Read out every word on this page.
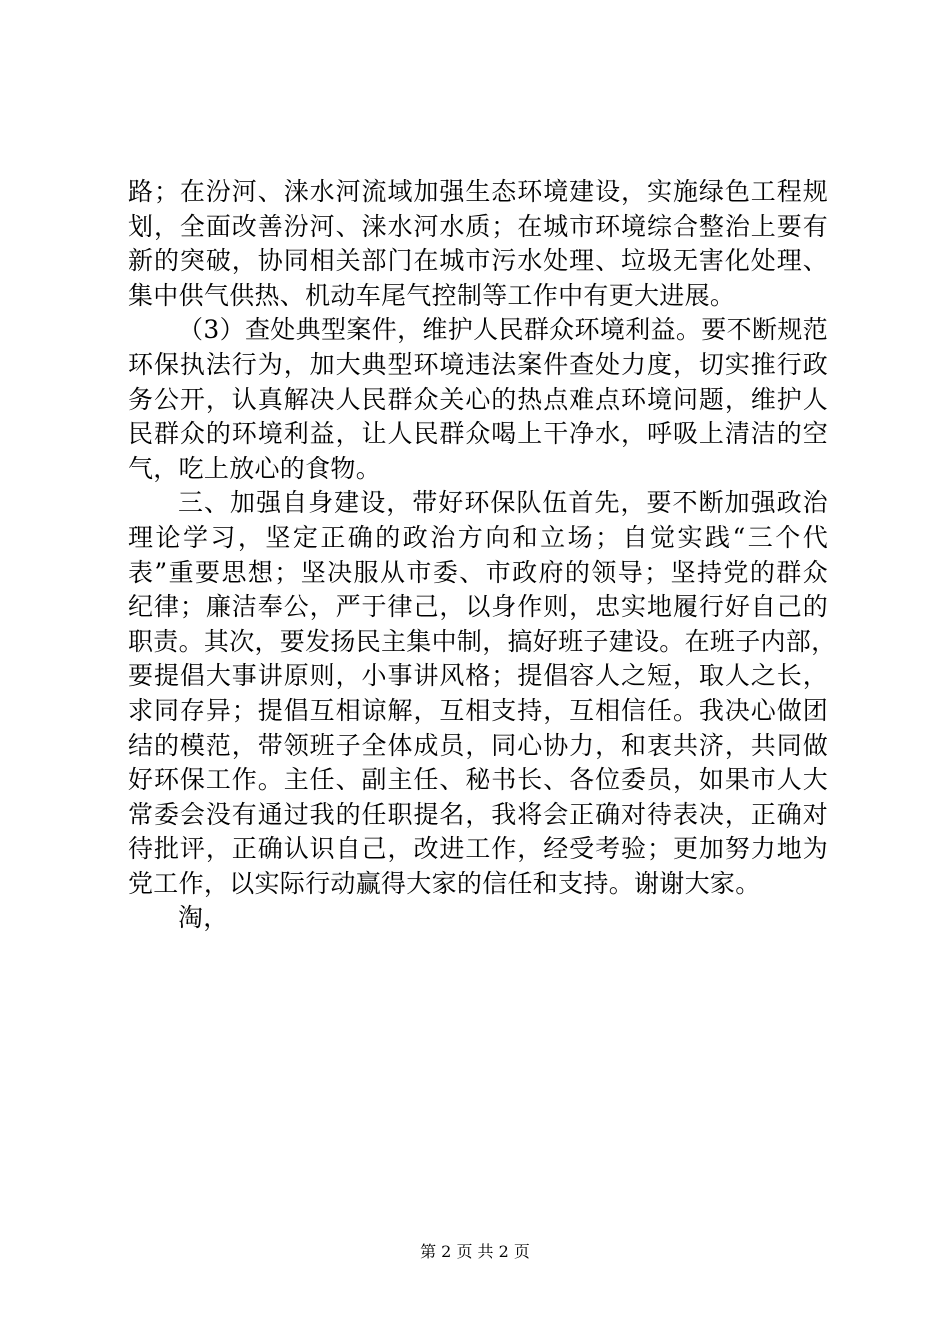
路；在汾河、涞水河流域加强生态环境建设，实施绿色工程规
划，全面改善汾河、涞水河水质；在城市环境综合整治上要有
新的突破，协同相关部门在城市污水处理、垃圾无害化处理、
集中供气供热、机动车尾气控制等工作中有更大进展。
（3）查处典型案件，维护人民群众环境利益。要不断规范
环保执法行为，加大典型环境违法案件查处力度，切实推行政
务公开，认真解决人民群众关心的热点难点环境问题，维护人
民群众的环境利益，让人民群众喝上干净水，呼吸上清洁的空
气，吃上放心的食物。
三、加强自身建设，带好环保队伍首先，要不断加强政治
理论学习，坚定正确的政治方向和立场；自觉实践“三个代
表”重要思想；坚决服从市委、市政府的领导；坚持党的群众
纪律；廉洁奉公，严于律己，以身作则，忠实地履行好自己的
职责。其次，要发扬民主集中制，搞好班子建设。在班子内部，
要提倡大事讲原则，小事讲风格；提倡容人之短，取人之长，
求同存异；提倡互相谅解，互相支持，互相信任。我决心做团
结的模范，带领班子全体成员，同心协力，和衷共济，共同做
好环保工作。主任、副主任、秘书长、各位委员，如果市人大
常委会没有通过我的任职提名，我将会正确对待表决，正确对
待批评，正确认识自己，改进工作，经受考验；更加努力地为
党工作，以实际行动赢得大家的信任和支持。谢谢大家。
淘，
第 2 页 共 2 页
